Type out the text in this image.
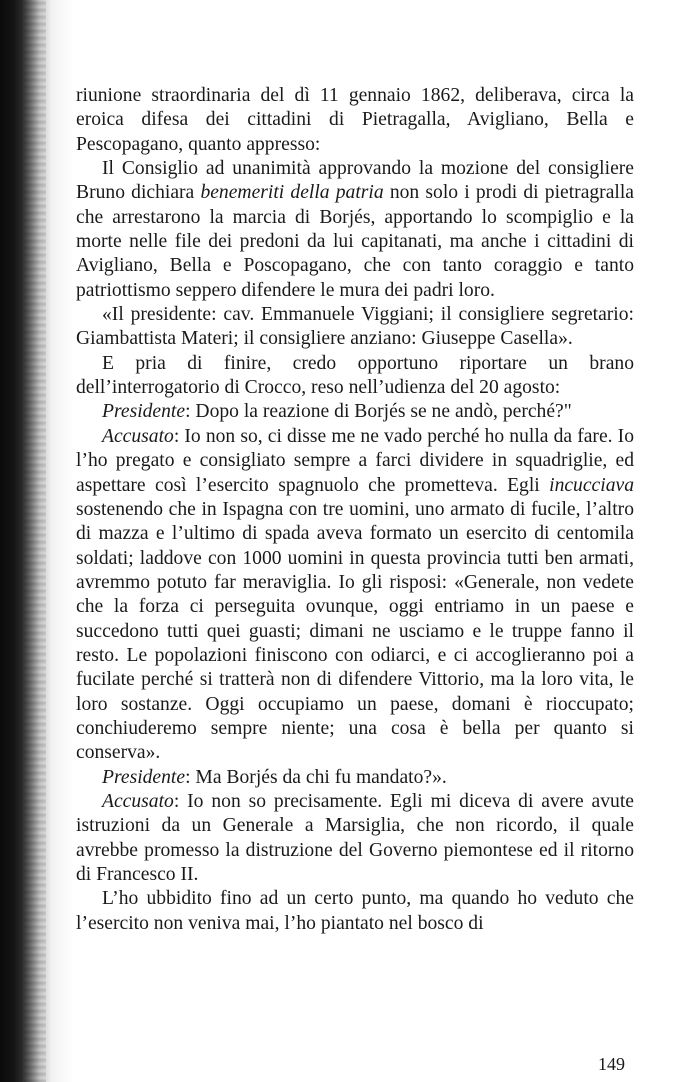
riunione straordinaria del dì 11 gennaio 1862, deliberava, circa la eroica difesa dei cittadini di Pietragalla, Avigliano, Bella e Pescopagano, quanto appresso:

Il Consiglio ad unanimità approvando la mozione del consigliere Bruno dichiara benemeriti della patria non solo i prodi di pietragralla che arrestarono la marcia di Borjés, apportando lo scompiglio e la morte nelle file dei predoni da lui capitanati, ma anche i cittadini di Avigliano, Bella e Poscopagano, che con tanto coraggio e tanto patriottismo seppero difendere le mura dei padri loro.

«Il presidente: cav. Emmanuele Viggiani; il consigliere segretario: Giambattista Materi; il consigliere anziano: Giuseppe Casella».

E pria di finire, credo opportuno riportare un brano dell’interrogatorio di Crocco, reso nell’udienza del 20 agosto:

Presidente: Dopo la reazione di Borjés se ne andò, perché?"

Accusato: Io non so, ci disse me ne vado perché ho nulla da fare. Io l’ho pregato e consigliato sempre a farci dividere in squadriglie, ed aspettare così l’esercito spagnuolo che prometteva. Egli incucciava sostenendo che in Ispagna con tre uomini, uno armato di fucile, l’altro di mazza e l’ultimo di spada aveva formato un esercito di centomila soldati; laddove con 1000 uomini in questa provincia tutti ben armati, avremmo potuto far meraviglia. Io gli risposi: «Generale, non vedete che la forza ci perseguita ovunque, oggi entriamo in un paese e succedono tutti quei guasti; dimani ne usciamo e le truppe fanno il resto. Le popolazioni finiscono con odiarci, e ci accoglieranno poi a fucilate perché si tratterà non di difendere Vittorio, ma la loro vita, le loro sostanze. Oggi occupiamo un paese, domani è rioccupato; conchiuderemo sempre niente; una cosa è bella per quanto si conserva».

Presidente: Ma Borjés da chi fu mandato?».

Accusato: Io non so precisamente. Egli mi diceva di avere avute istruzioni da un Generale a Marsiglia, che non ricordo, il quale avrebbe promesso la distruzione del Governo piemontese ed il ritorno di Francesco II.

L’ho ubbidito fino ad un certo punto, ma quando ho veduto che l’esercito non veniva mai, l’ho piantato nel bosco di

149
